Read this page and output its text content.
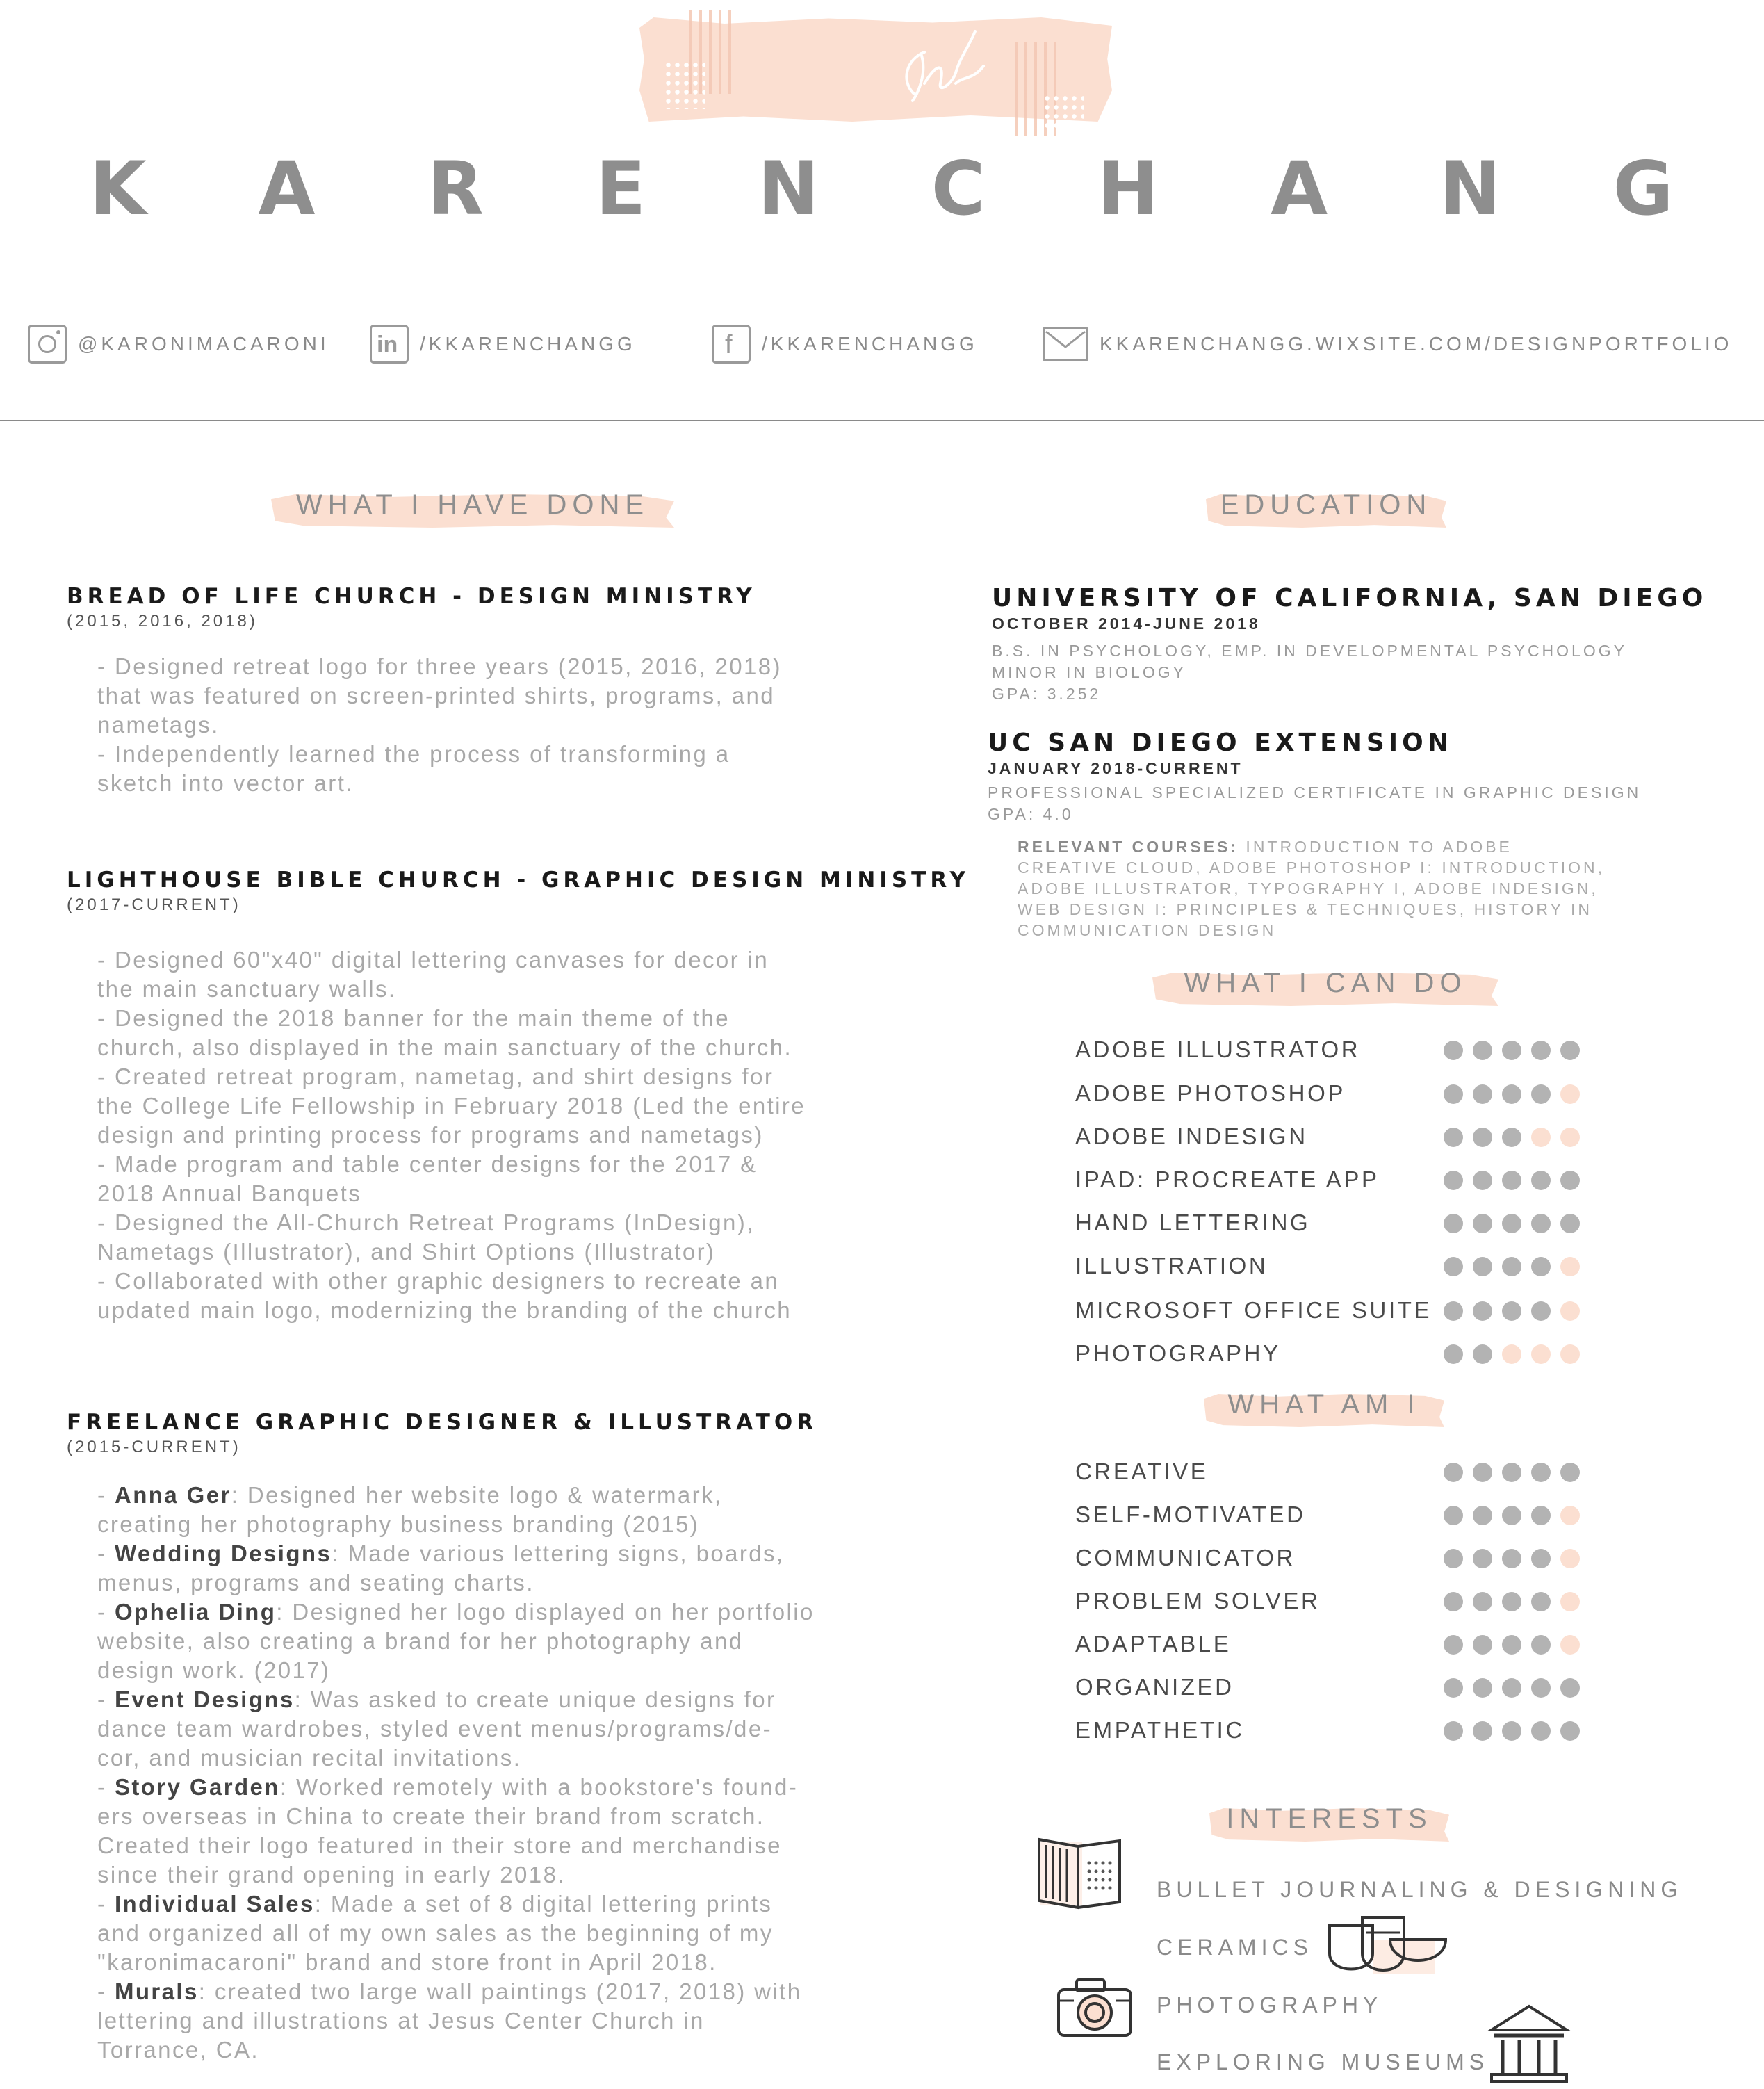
K A R E N C H A N G
@KARONIMACARONI in /KKARENCHANGG	f /KKARENCHANGG	KKARENCHANGG.WIXSITE.COM/DESIGNPORTFOLIO
WHAT I HAVE DONE	EDUCATION
WHAT I CAN DO
WHAT AM I
INTERESTS
BREAD OF LIFE CHURCH - DESIGN MINISTRY
(2015, 2016, 2018)
- Designed retreat logo for three years (2015, 2016, 2018)
that was featured on screen-printed shirts, programs, and
nametags.
- Independently learned the process of transforming a
sketch into vector art.
LIGHTHOUSE BIBLE CHURCH - GRAPHIC DESIGN MINISTRY
(2017-CURRENT)
- Designed 60"x40" digital lettering canvases for decor in
the main sanctuary walls.
- Designed the 2018 banner for the main theme of the
church, also displayed in the main sanctuary of the church.
- Created retreat program, nametag, and shirt designs for
the College Life Fellowship in February 2018 (Led the entire
design and printing process for programs and nametags)
- Made program and table center designs for the 2017 &
2018 Annual Banquets
- Designed the All-Church Retreat Programs (InDesign),
Nametags (Illustrator), and Shirt Options (Illustrator)
- Collaborated with other graphic designers to recreate an
updated main logo, modernizing the branding of the church
FREELANCE GRAPHIC DESIGNER & ILLUSTRATOR
(2015-CURRENT)
- Anna Ger: Designed her website logo & watermark,
creating her photography business branding (2015)
- Wedding Designs: Made various lettering signs, boards,
menus, programs and seating charts.
- Ophelia Ding: Designed her logo displayed on her portfolio
website, also creating a brand for her photography and
design work. (2017)
- Event Designs: Was asked to create unique designs for
dance team wardrobes, styled event menus/programs/de-
cor, and musician recital invitations.
- Story Garden: Worked remotely with a bookstore's found-
ers overseas in China to create their brand from scratch.
Created their logo featured in their store and merchandise
since their grand opening in early 2018.
- Individual Sales: Made a set of 8 digital lettering prints
and organized all of my own sales as the beginning of my
"karonimacaroni" brand and store front in April 2018.
- Murals: created two large wall paintings (2017, 2018) with
lettering and illustrations at Jesus Center Church in
Torrance, CA.
UNIVERSITY OF CALIFORNIA, SAN DIEGO
OCTOBER 2014-JUNE 2018
B.S. IN PSYCHOLOGY, EMP. IN DEVELOPMENTAL PSYCHOLOGY
MINOR IN BIOLOGY
GPA: 3.252
UC SAN DIEGO EXTENSION
JANUARY 2018-CURRENT
PROFESSIONAL SPECIALIZED CERTIFICATE IN GRAPHIC DESIGN
GPA: 4.0
RELEVANT COURSES: INTRODUCTION TO ADOBE
CREATIVE CLOUD, ADOBE PHOTOSHOP I: INTRODUCTION,
ADOBE ILLUSTRATOR, TYPOGRAPHY I, ADOBE INDESIGN,
WEB DESIGN I: PRINCIPLES & TECHNIQUES, HISTORY IN
COMMUNICATION DESIGN
ADOBE ILLUSTRATOR
ADOBE PHOTOSHOP
ADOBE INDESIGN
IPAD: PROCREATE APP
HAND LETTERING
ILLUSTRATION
MICROSOFT OFFICE SUITE
PHOTOGRAPHY
CREATIVE
SELF-MOTIVATED
COMMUNICATOR
PROBLEM SOLVER
ADAPTABLE
ORGANIZED
EMPATHETIC
BULLET JOURNALING & DESIGNING
CERAMICS
PHOTOGRAPHY
EXPLORING MUSEUMS
